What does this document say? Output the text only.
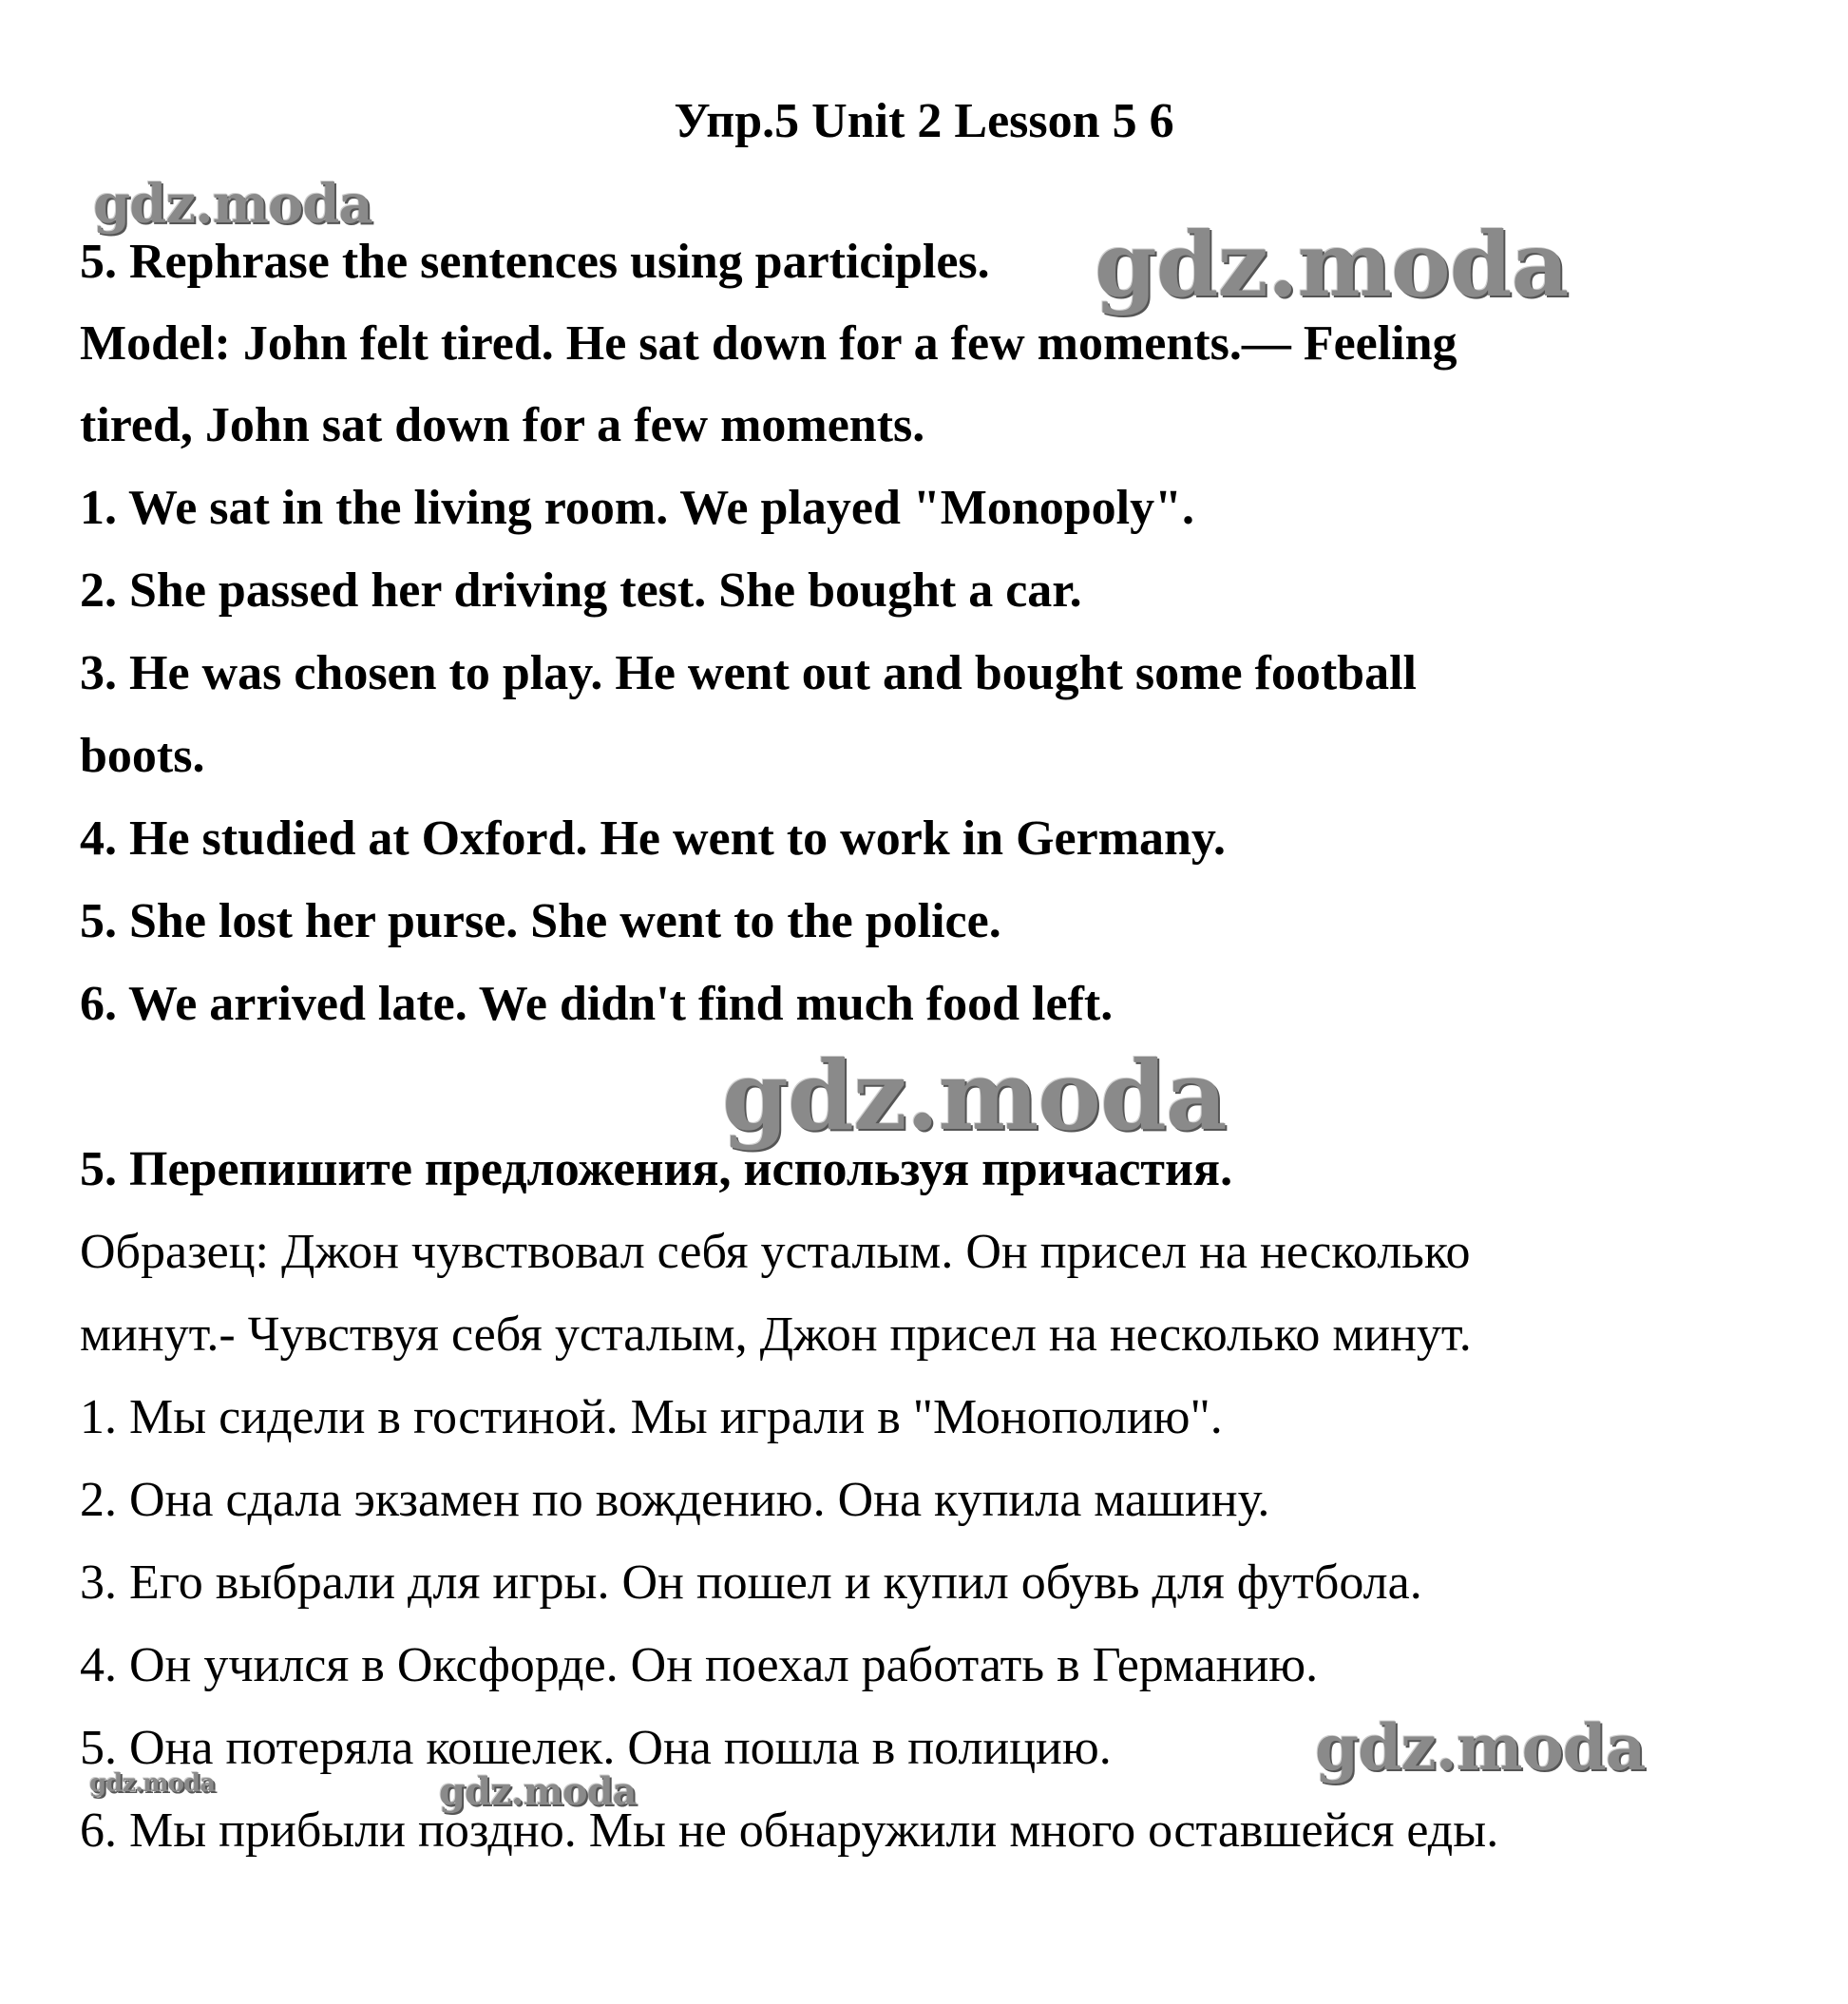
Упр.5 Unit 2 Lesson 5 6
5. Rephrase the sentences using participles.
Model: John felt tired. He sat down for a few moments.— Feeling
tired, John sat down for a few moments.
1. We sat in the living room. We played "Monopoly".
2. She passed her driving test. She bought a car.
3. He was chosen to play. He went out and bought some football
boots.
4. He studied at Oxford. He went to work in Germany.
5. She lost her purse. She went to the police.
6. We arrived late. We didn't find much food left.
5. Перепишите предложения, используя причастия.
Образец: Джон чувствовал себя усталым. Он присел на несколько
минут.- Чувствуя себя усталым, Джон присел на несколько минут.
1. Мы сидели в гостиной. Мы играли в "Монополию".
2. Она сдала экзамен по вождению. Она купила машину.
3. Его выбрали для игры. Он пошел и купил обувь для футбола.
4. Он учился в Оксфорде. Он поехал работать в Германию.
5. Она потеряла кошелек. Она пошла в полицию.
6. Мы прибыли поздно. Мы не обнаружили много оставшейся еды.
gdz.moda
gdz.moda
gdz.moda
gdz.moda
gdz.moda	gdz.moda
